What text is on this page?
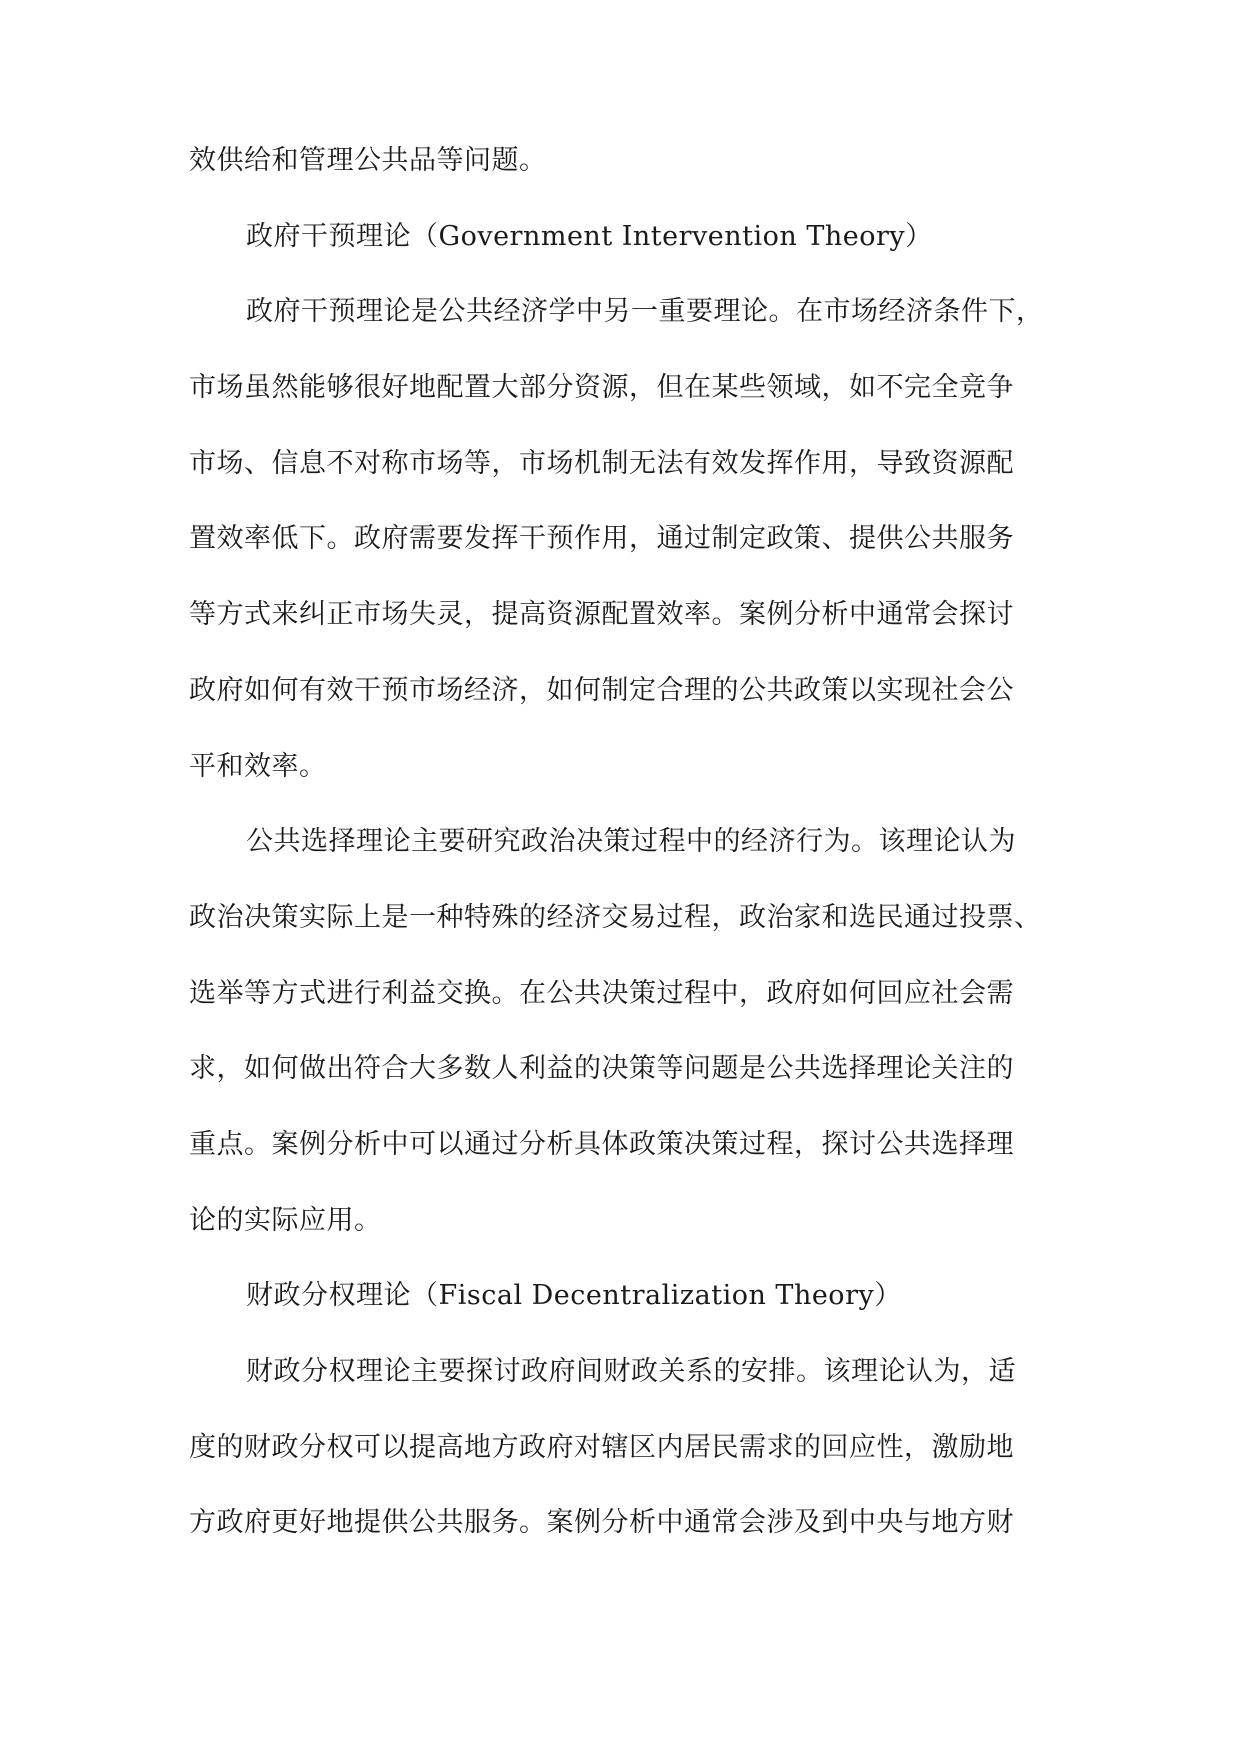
效供给和管理公共品等问题。
政府干预理论（Government Intervention Theory）
政府干预理论是公共经济学中另一重要理论。在市场经济条件下，
市场虽然能够很好地配置大部分资源，但在某些领域，如不完全竞争
市场、信息不对称市场等，市场机制无法有效发挥作用，导致资源配
置效率低下。政府需要发挥干预作用，通过制定政策、提供公共服务
等方式来纠正市场失灵，提高资源配置效率。案例分析中通常会探讨
政府如何有效干预市场经济，如何制定合理的公共政策以实现社会公
平和效率。
公共选择理论主要研究政治决策过程中的经济行为。该理论认为
政治决策实际上是一种特殊的经济交易过程，政治家和选民通过投票、
选举等方式进行利益交换。在公共决策过程中，政府如何回应社会需
求，如何做出符合大多数人利益的决策等问题是公共选择理论关注的
重点。案例分析中可以通过分析具体政策决策过程，探讨公共选择理
论的实际应用。
财政分权理论（Fiscal Decentralization Theory）
财政分权理论主要探讨政府间财政关系的安排。该理论认为，适
度的财政分权可以提高地方政府对辖区内居民需求的回应性，激励地
方政府更好地提供公共服务。案例分析中通常会涉及到中央与地方财
